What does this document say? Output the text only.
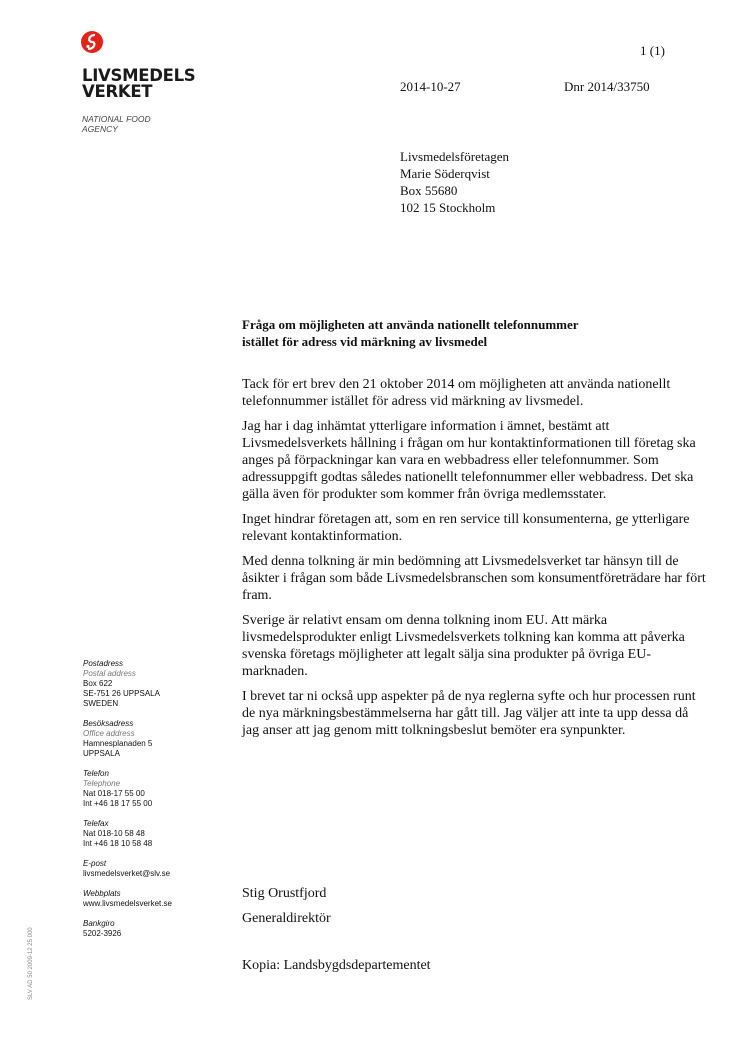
LIVSMEDELS
VERKET
NATIONAL FOOD
AGENCY
1 (1)
2014-10-27	Dnr 2014/33750
Livsmedelsföretagen
Marie Söderqvist
Box 55680
102 15 Stockholm
Fråga om möjligheten att använda nationellt telefonnummer
istället för adress vid märkning av livsmedel

Tack för ert brev den 21 oktober 2014 om möjligheten att använda nationellt telefonnummer istället för adress vid märkning av livsmedel.

Jag har i dag inhämtat ytterligare information i ämnet, bestämt att Livsmedelsverkets hållning i frågan om hur kontaktinformationen till företag ska anges på förpackningar kan vara en webbadress eller telefonnummer. Som adressuppgift godtas således nationellt telefonnummer eller webbadress. Det ska gälla även för produkter som kommer från övriga medlemsstater.

Inget hindrar företagen att, som en ren service till konsumenterna, ge ytterligare relevant kontaktinformation.

Med denna tolkning är min bedömning att Livsmedelsverket tar hänsyn till de åsikter i frågan som både Livsmedelsbranschen som konsumentföreträdare har fört fram.

Sverige är relativt ensam om denna tolkning inom EU. Att märka livsmedelsprodukter enligt Livsmedelsverkets tolkning kan komma att påverka svenska företags möjligheter att legalt sälja sina produkter på övriga EU-marknaden.

I brevet tar ni också upp aspekter på de nya reglerna syfte och hur processen runt de nya märkningsbestämmelserna har gått till. Jag väljer att inte ta upp dessa då jag anser att jag genom mitt tolkningsbeslut bemöter era synpunkter.

Stig Orustfjord
Generaldirektör
Kopia: Landsbygdsdepartementet
Postadress
Postal address
Box 622
SE-751 26 UPPSALA
SWEDEN
Besöksadress
Office address
Hamnesplanaden 5
UPPSALA
Telefon
Telephone
Nat 018-17 55 00
Int +46 18 17 55 00
Telefax
Nat 018-10 58 48
Int +46 18 10 58 48
E-post
livsmedelsverket@slv.se
Webbplats
www.livsmedelsverket.se
Bankgiro
5202-3926
SLV AD 50 2009-12 25 000
